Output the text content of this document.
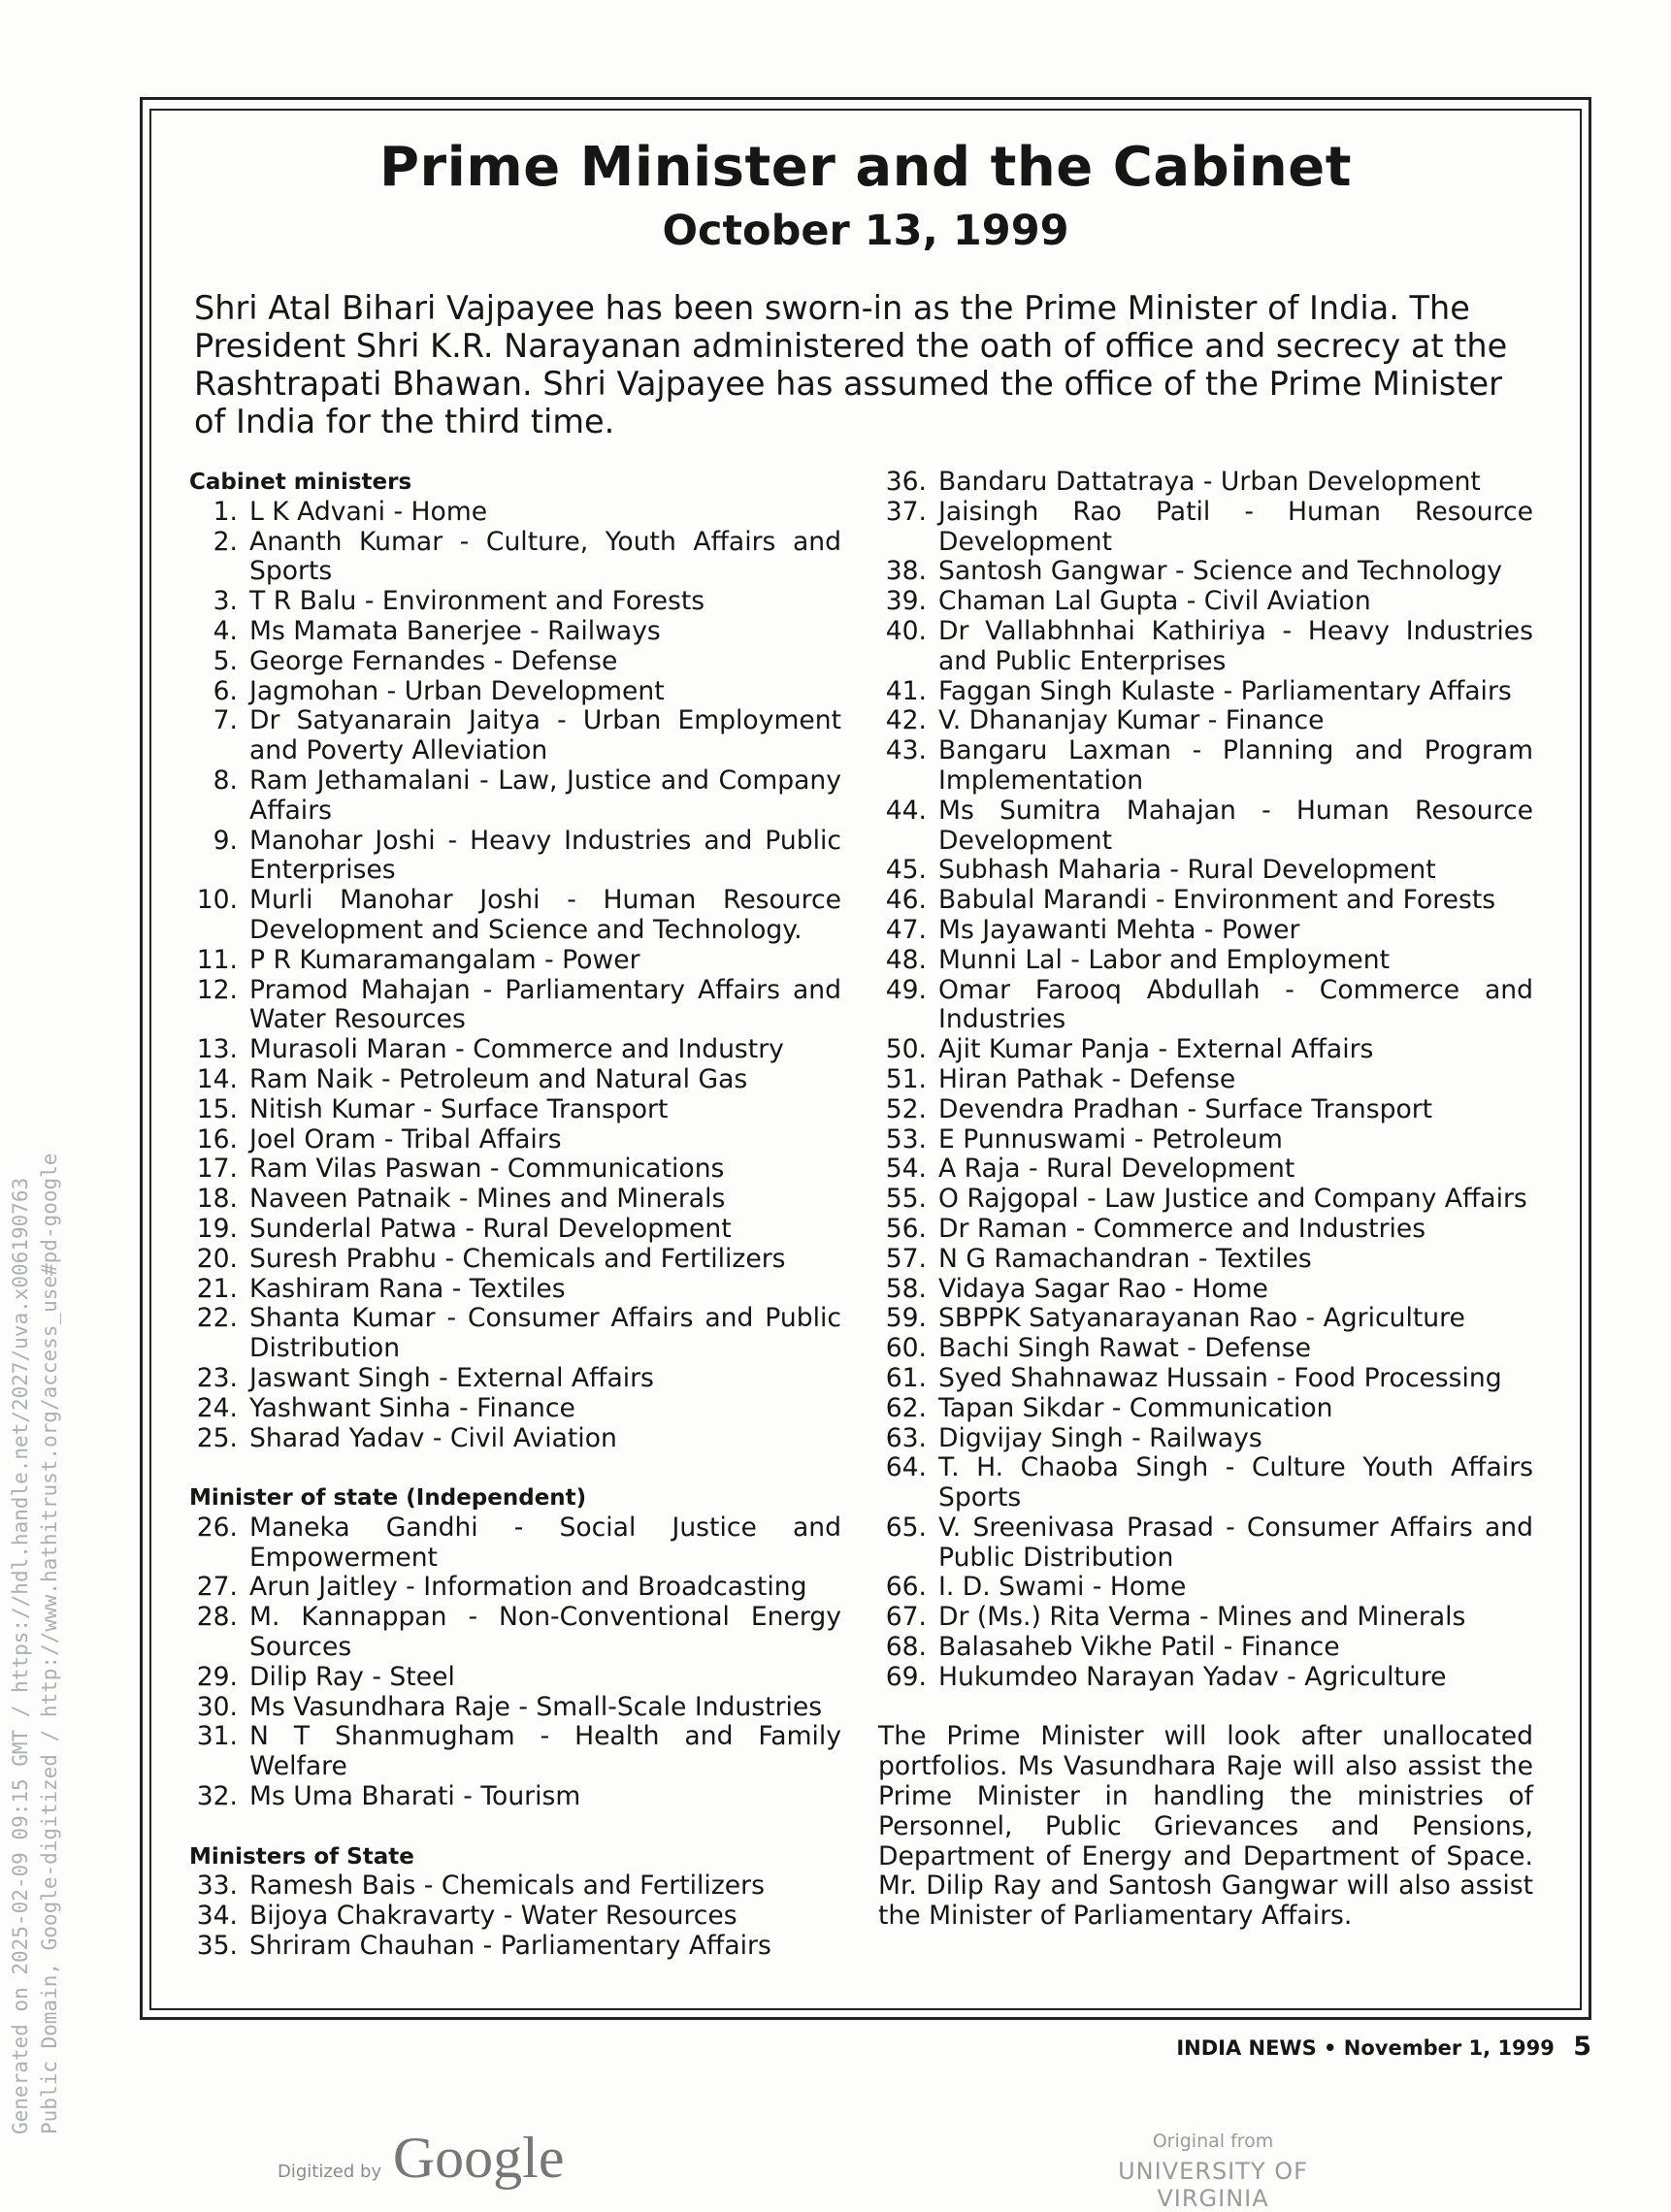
Prime Minister and the Cabinet
October 13, 1999

Shri Atal Bihari Vajpayee has been sworn-in as the Prime Minister of India. The President Shri K.R. Narayanan administered the oath of office and secrecy at the Rashtrapati Bhawan. Shri Vajpayee has assumed the office of the Prime Minister of India for the third time.

Cabinet ministers
1. L K Advani - Home
2. Ananth Kumar - Culture, Youth Affairs and Sports
3. T R Balu - Environment and Forests
4. Ms Mamata Banerjee - Railways
5. George Fernandes - Defense
6. Jagmohan - Urban Development
7. Dr Satyanarain Jaitya - Urban Employment and Poverty Alleviation
8. Ram Jethamalani - Law, Justice and Company Affairs
9. Manohar Joshi - Heavy Industries and Public Enterprises
10. Murli Manohar Joshi - Human Resource Development and Science and Technology.
11. P R Kumaramangalam - Power
12. Pramod Mahajan - Parliamentary Affairs and Water Resources
13. Murasoli Maran - Commerce and Industry
14. Ram Naik - Petroleum and Natural Gas
15. Nitish Kumar - Surface Transport
16. Joel Oram - Tribal Affairs
17. Ram Vilas Paswan - Communications
18. Naveen Patnaik - Mines and Minerals
19. Sunderlal Patwa - Rural Development
20. Suresh Prabhu - Chemicals and Fertilizers
21. Kashiram Rana - Textiles
22. Shanta Kumar - Consumer Affairs and Public Distribution
23. Jaswant Singh - External Affairs
24. Yashwant Sinha - Finance
25. Sharad Yadav - Civil Aviation
Minister of state (Independent)
26. Maneka Gandhi - Social Justice and Empowerment
27. Arun Jaitley - Information and Broadcasting
28. M. Kannappan - Non-Conventional Energy Sources
29. Dilip Ray - Steel
30. Ms Vasundhara Raje - Small-Scale Industries
31. N T Shanmugham - Health and Family Welfare
32. Ms Uma Bharati - Tourism
Ministers of State
33. Ramesh Bais - Chemicals and Fertilizers
34. Bijoya Chakravarty - Water Resources
35. Shriram Chauhan - Parliamentary Affairs
36. Bandaru Dattatraya - Urban Development
37. Jaisingh Rao Patil - Human Resource Development
38. Santosh Gangwar - Science and Technology
39. Chaman Lal Gupta - Civil Aviation
40. Dr Vallabhnhai Kathiriya - Heavy Industries and Public Enterprises
41. Faggan Singh Kulaste - Parliamentary Affairs
42. V. Dhananjay Kumar - Finance
43. Bangaru Laxman - Planning and Program Implementation
44. Ms Sumitra Mahajan - Human Resource Development
45. Subhash Maharia - Rural Development
46. Babulal Marandi - Environment and Forests
47. Ms Jayawanti Mehta - Power
48. Munni Lal - Labor and Employment
49. Omar Farooq Abdullah - Commerce and Industries
50. Ajit Kumar Panja - External Affairs
51. Hiran Pathak - Defense
52. Devendra Pradhan - Surface Transport
53. E Punnuswami - Petroleum
54. A Raja - Rural Development
55. O Rajgopal - Law Justice and Company Affairs
56. Dr Raman - Commerce and Industries
57. N G Ramachandran - Textiles
58. Vidaya Sagar Rao - Home
59. SBPPK Satyanarayanan Rao - Agriculture
60. Bachi Singh Rawat - Defense
61. Syed Shahnawaz Hussain - Food Processing
62. Tapan Sikdar - Communication
63. Digvijay Singh - Railways
64. T. H. Chaoba Singh - Culture Youth Affairs Sports
65. V. Sreenivasa Prasad - Consumer Affairs and Public Distribution
66. I. D. Swami - Home
67. Dr (Ms.) Rita Verma - Mines and Minerals
68. Balasaheb Vikhe Patil - Finance
69. Hukumdeo Narayan Yadav - Agriculture

The Prime Minister will look after unallocated portfolios. Ms Vasundhara Raje will also assist the Prime Minister in handling the ministries of Personnel, Public Grievances and Pensions, Department of Energy and Department of Space. Mr. Dilip Ray and Santosh Gangwar will also assist the Minister of Parliamentary Affairs.

INDIA NEWS • November 1, 1999 5
Generated on 2025-02-09 09:15 GMT / https://hdl.handle.net/2027/uva.x006190763 Public Domain, Google-digitized / http://www.hathitrust.org/access_use#pd-google
Digitized by Google	Original from
UNIVERSITY OF VIRGINIA
